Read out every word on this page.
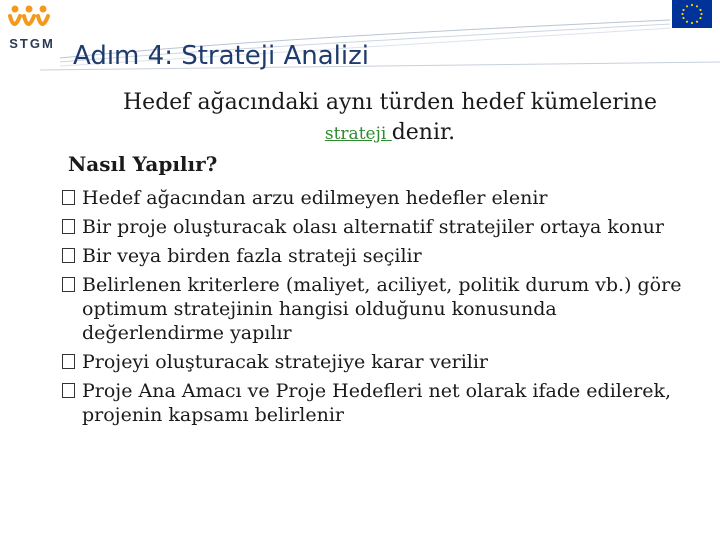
STGM Adım 4: Strateji Analizi
Hedef ağacındaki aynı türden hedef kümelerine
strateji denir.
Nasıl Yapılır?
Hedef ağacından arzu edilmeyen hedefler elenir
Bir proje oluşturacak olası alternatif stratejiler ortaya konur
Bir veya birden fazla strateji seçilir
Belirlenen kriterlere (maliyet, aciliyet, politik durum vb.) göre optimum stratejinin hangisi olduğunu konusunda değerlendirme yapılır
Projeyi oluşturacak stratejiye karar verilir
Proje Ana Amacı ve Proje Hedefleri net olarak ifade edilerek, projenin kapsamı belirlenir
